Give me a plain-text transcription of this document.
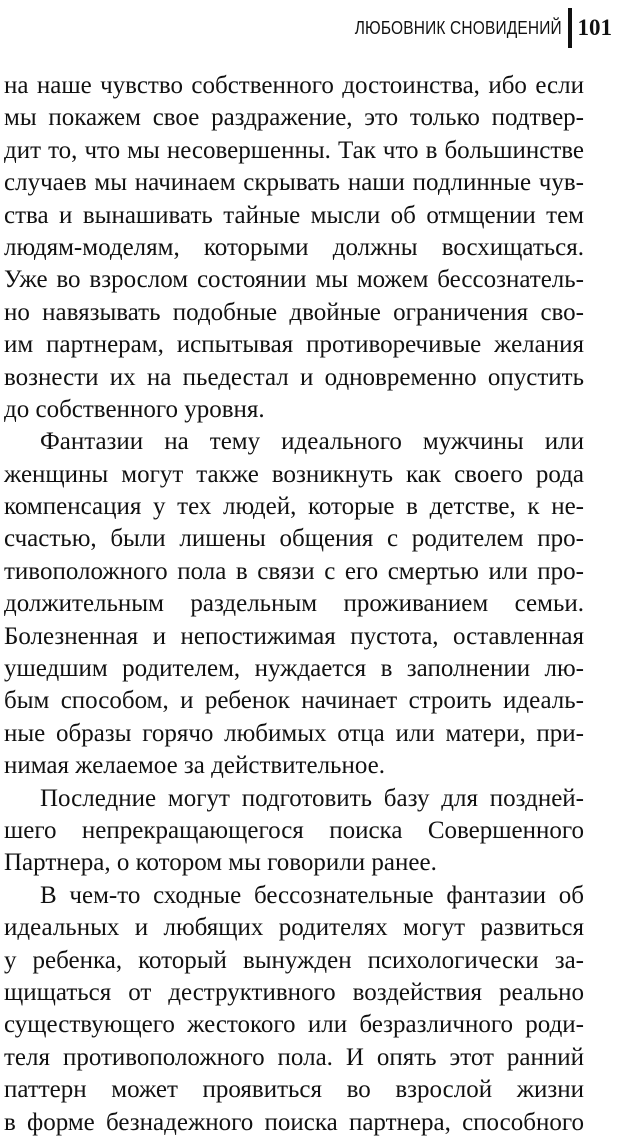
ЛЮБОВНИК СНОВИДЕНИЙ 101
на наше чувство собственного достоинства, ибо если
мы покажем свое раздражение, это только подтвер-
дит то, что мы несовершенны. Так что в большинстве
случаев мы начинаем скрывать наши подлинные чув-
ства и вынашивать тайные мысли об отмщении тем
людям-моделям, которыми должны восхищаться.
Уже во взрослом состоянии мы можем бессознатель-
но навязывать подобные двойные ограничения сво-
им партнерам, испытывая противоречивые желания
вознести их на пьедестал и одновременно опустить
до собственного уровня.
Фантазии на тему идеального мужчины или
женщины могут также возникнуть как своего рода
компенсация у тех людей, которые в детстве, к не-
счастью, были лишены общения с родителем про-
тивоположного пола в связи с его смертью или про-
должительным раздельным проживанием семьи.
Болезненная и непостижимая пустота, оставленная
ушедшим родителем, нуждается в заполнении лю-
бым способом, и ребенок начинает строить идеаль-
ные образы горячо любимых отца или матери, при-
нимая желаемое за действительное.
Последние могут подготовить базу для поздней-
шего непрекращающегося поиска Совершенного
Партнера, о котором мы говорили ранее.
В чем-то сходные бессознательные фантазии об
идеальных и любящих родителях могут развиться
у ребенка, который вынужден психологически за-
щищаться от деструктивного воздействия реально
существующего жестокого или безразличного роди-
теля противоположного пола. И опять этот ранний
паттерн может проявиться во взрослой жизни
в форме безнадежного поиска партнера, способного
